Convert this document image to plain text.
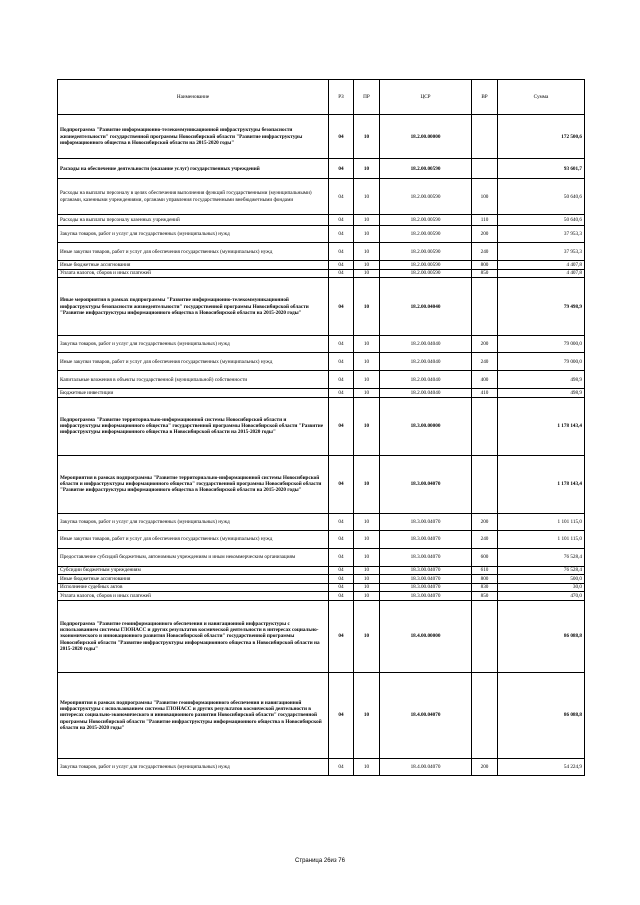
Наименование	РЗ	ПР	ЦСР	ВР	Сумма
Подпрограмма "Развитие информационно-телекоммуникационной инфраструктуры безопасности жизнедеятельности" государственной программы Новосибирской области "Развитие инфраструктуры информационного общества в Новосибирской области на 2015-2020 годы"	04	10	18.2.00.00000		172 500,6
Расходы на обеспечение деятельности (оказание услуг) государственных учреждений	04	10	18.2.00.00590		93 601,7
Расходы на выплаты персоналу в целях обеспечения выполнения функций государственными (муниципальными) органами, казенными учреждениями, органами управления государственными внебюджетными фондами	04	10	18.2.00.00590	100	50 640,6
Расходы на выплаты персоналу казенных учреждений	04	10	18.2.00.00590	110	50 640,6
Закупка товаров, работ и услуг для государственных (муниципальных) нужд	04	10	18.2.00.00590	200	37 953,3
Иные закупки товаров, работ и услуг для обеспечения государственных (муниципальных) нужд	04	10	18.2.00.00590	240	37 953,3
Иные бюджетные ассигнования	04	10	18.2.00.00590	800	4 407,8
Уплата налогов, сборов и иных платежей	04	10	18.2.00.00590	850	4 407,8
Иные мероприятия в рамках подпрограммы "Развитие информационно-телекоммуникационной инфраструктуры безопасности жизнедеятельности" государственной программы Новосибирской области "Развитие инфраструктуры информационного общества в Новосибирской области на 2015-2020 годы"	04	10	18.2.00.04040		79 498,9
Закупка товаров, работ и услуг для государственных (муниципальных) нужд	04	10	18.2.00.04040	200	79 000,0
Иные закупки товаров, работ и услуг для обеспечения государственных (муниципальных) нужд	04	10	18.2.00.04040	240	79 000,0
Капитальные вложения в объекты государственной (муниципальной) собственности	04	10	18.2.00.04040	400	498,9
Бюджетные инвестиции	04	10	18.2.00.04040	410	498,9
Подпрограмма "Развитие территориально-информационной системы Новосибирской области и инфраструктуры информационного общества" государственной программы Новосибирской области "Развитие инфраструктуры информационного общества в Новосибирской области на 2015-2020 годы"	04	10	18.3.00.00000		1 178 143,4
Мероприятия в рамках подпрограммы "Развитие территориально-информационной системы Новосибирской области и инфраструктуры информационного общества" государственной программы Новосибирской области "Развитие инфраструктуры информационного общества в Новосибирской области на 2015-2020 годы"	04	10	18.3.00.04070		1 178 143,4
Закупка товаров, работ и услуг для государственных (муниципальных) нужд	04	10	18.3.00.04070	200	1 101 115,0
Иные закупки товаров, работ и услуг для обеспечения государственных (муниципальных) нужд	04	10	18.3.00.04070	240	1 101 115,0
Предоставление субсидий бюджетным, автономным учреждениям и иным некоммерческим организациям	04	10	18.3.00.04070	600	76 528,4
Субсидии бюджетным учреждениям	04	10	18.3.00.04070	610	76 528,4
Иные бюджетные ассигнования	04	10	18.3.00.04070	800	500,0
Исполнение судебных актов	04	10	18.3.00.04070	830	30,0
Уплата налогов, сборов и иных платежей	04	10	18.3.00.04070	850	470,0
Подпрограмма "Развитие геоинформационного обеспечения и навигационной инфраструктуры с использованием системы ГЛОНАСС и других результатов космической деятельности в интересах социально-экономического и инновационного развития Новосибирской области" государственной программы Новосибирской области "Развитие инфраструктуры информационного общества в Новосибирской области на 2015-2020 годы"	04	10	18.4.00.00000		86 088,8
Мероприятия в рамках подпрограммы "Развитие геоинформационного обеспечения и навигационной инфраструктуры с использованием системы ГЛОНАСС и других результатов космической деятельности в интересах социально-экономического и инновационного развития Новосибирской области" государственной программы Новосибирской области "Развитие инфраструктуры информационного общества в Новосибирской области на 2015-2020 годы"	04	10	18.4.00.04070		86 088,8
Закупка товаров, работ и услуг для государственных (муниципальных) нужд	04	10	18.4.00.04070	200	54 224,9
Страница 26из 76
